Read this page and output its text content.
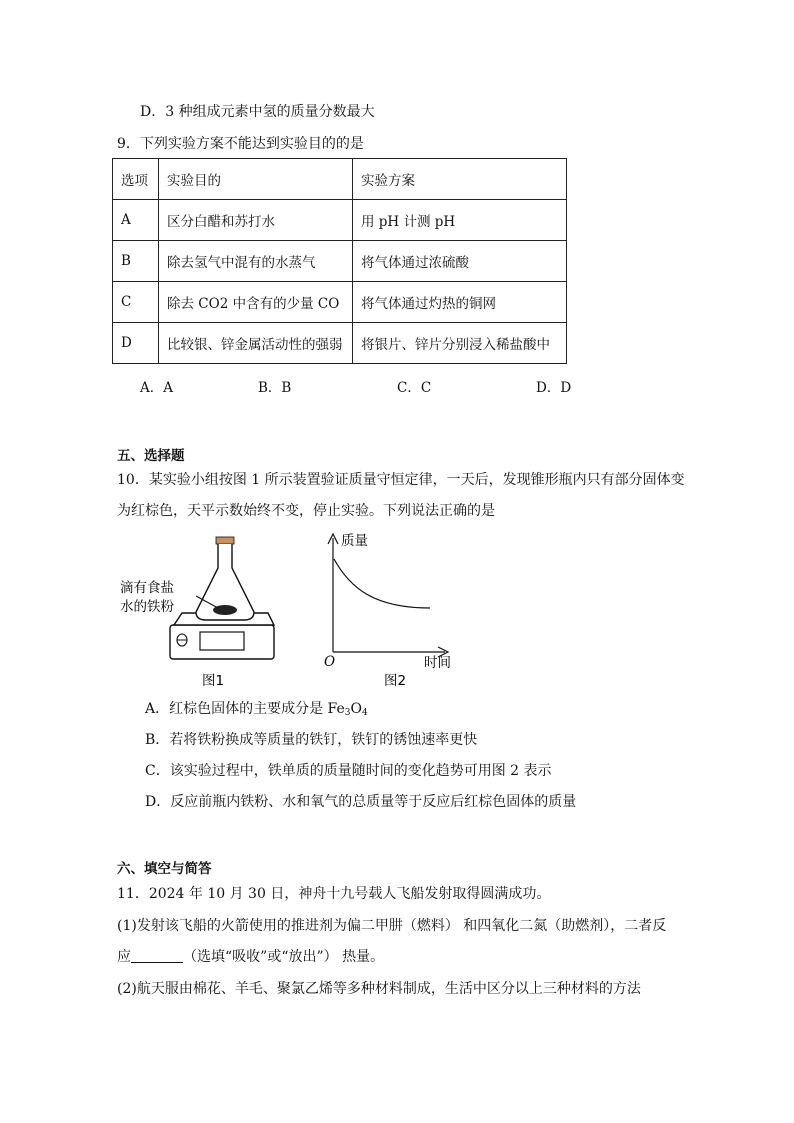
D．3 种组成元素中氢的质量分数最大
9．下列实验方案不能达到实验目的的是
选项	实验目的	实验方案
A	区分白醋和苏打水	用 pH 计测 pH
B	除去氢气中混有的水蒸气	将气体通过浓硫酸
C	除去 CO2 中含有的少量 CO	将气体通过灼热的铜网
D	比较银、锌金属活动性的强弱	将银片、锌片分别浸入稀盐酸中
A．A	B．B	C．C	D．D
五、选择题
10．某实验小组按图 1 所示装置验证质量守恒定律，一天后，发现锥形瓶内只有部分固体变
为红棕色，天平示数始终不变，停止实验。下列说法正确的是
滴有食盐
水的铁粉
图1
质量
时间
O
图2
A．红棕色固体的主要成分是 $Fe_3O_4$
B．若将铁粉换成等质量的铁钉，铁钉的锈蚀速率更快
C．该实验过程中，铁单质的质量随时间的变化趋势可用图 2 表示
D．反应前瓶内铁粉、水和氧气的总质量等于反应后红棕色固体的质量
六、填空与简答
11．2024 年 10 月 30 日，神舟十九号载人飞船发射取得圆满成功。
(1)发射该飞船的火箭使用的推进剂为偏二甲肼（燃料） 和四氧化二氮（助燃剂），二者反
应	（选填“吸收”或“放出”） 热量。
(2)航天服由棉花、羊毛、聚氯乙烯等多种材料制成，生活中区分以上三种材料的方法
